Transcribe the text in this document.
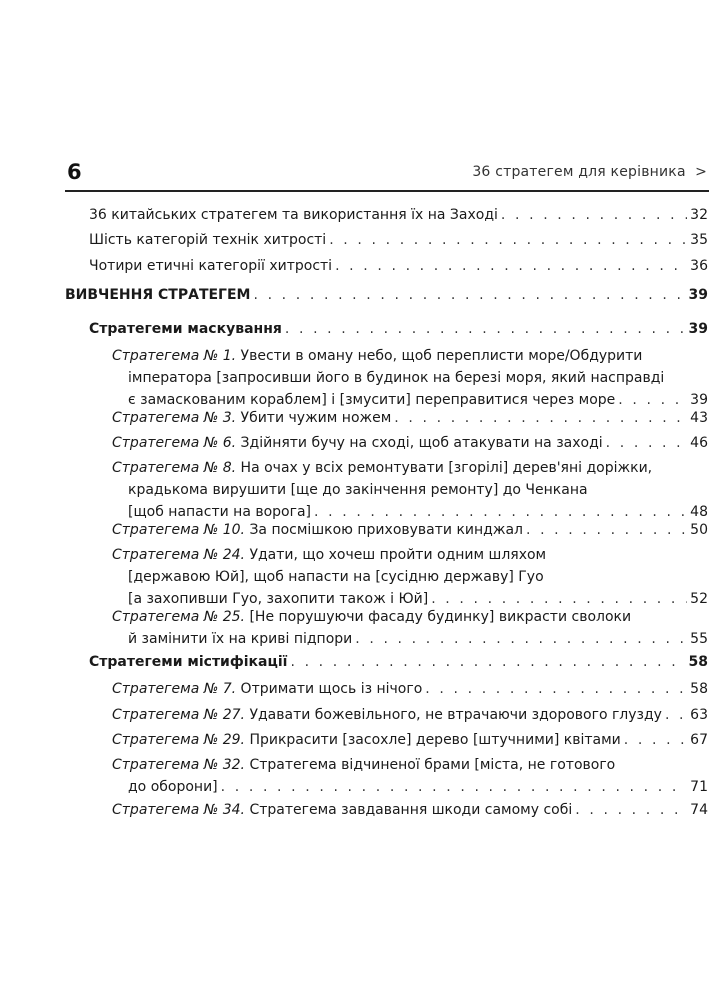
6	36 стратегем для керівника >
36 китайських стратегем та використання їх на Заході . . .	32
Шість категорій технік хитрості . . .	35
Чотири етичні категорії хитрості . . .	36
ВИВЧЕННЯ СТРАТЕГЕМ . . .	39
Стратегеми маскування . . .	39
Стратегема № 1. Увести в оману небо, щоб переплисти море/Обдурити
імператора [запросивши його в будинок на березі моря, який насправді
є замаскованим кораблем] і [змусити] переправитися через море . . .	39
Стратегема № 3. Убити чужим ножем . . .	43
Стратегема № 6. Здійняти бучу на сході, щоб атакувати на заході . . .	46
Стратегема № 8. На очах у всіх ремонтувати [згорілі] дерев'яні доріжки,
крадькома вирушити [ще до закінчення ремонту] до Ченкана
[щоб напасти на ворога] . . .	48
Стратегема № 10. За посмішкою приховувати кинджал . . .	50
Стратегема № 24. Удати, що хочеш пройти одним шляхом
[державою Юй], щоб напасти на [сусідню державу] Гуо
[а захопивши Гуо, захопити також і Юй] . . .	52
Стратегема № 25. [Не порушуючи фасаду будинку] викрасти сволоки
й замінити їх на криві підпори . . .	55
Стратегеми містифікації . . .	58
Стратегема № 7. Отримати щось із нічого . . .	58
Стратегема № 27. Удавати божевільного, не втрачаючи здорового глузду . . . 63
Стратегема № 29. Прикрасити [засохле] дерево [штучними] квітами . . .	67
Стратегема № 32. Стратегема відчиненої брами [міста, не готового
до оборони] . . .	71
Стратегема № 34. Стратегема завдавання шкоди самому собі . . .	74
